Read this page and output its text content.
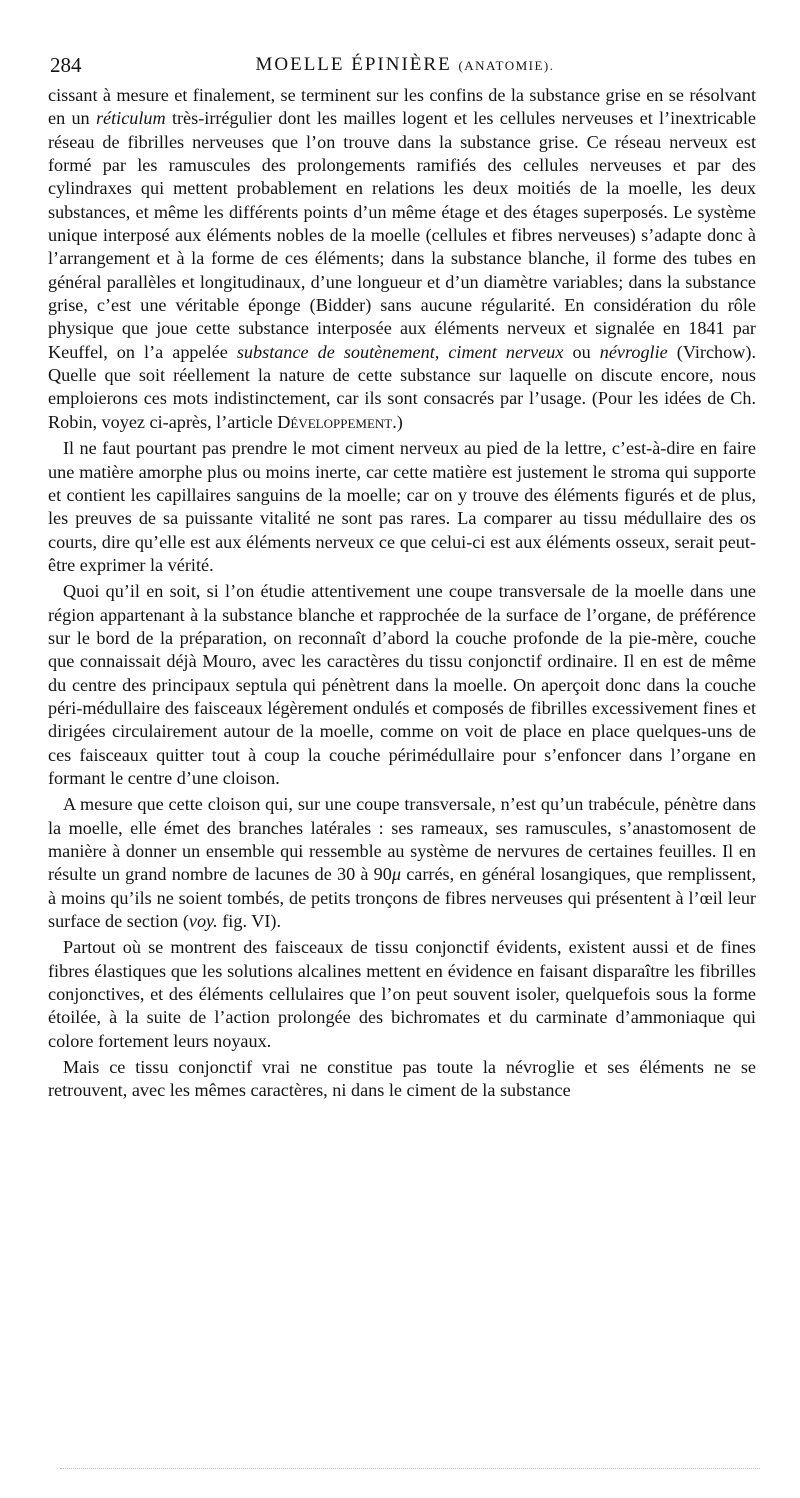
284	MOELLE ÉPINIÈRE (ANATOMIE).

cissant à mesure et finalement, se terminent sur les confins de la substance grise en se résolvant en un réticulum très-irrégulier dont les mailles logent et les cellules nerveuses et l’inextricable réseau de fibrilles nerveuses que l’on trouve dans la substance grise. Ce réseau nerveux est formé par les ramuscules des prolongements ramifiés des cellules nerveuses et par des cylindraxes qui mettent probablement en relations les deux moitiés de la moelle, les deux substances, et même les différents points d’un même étage et des étages superposés. Le système unique interposé aux éléments nobles de la moelle (cellules et fibres nerveuses) s’adapte donc à l’arrangement et à la forme de ces éléments; dans la substance blanche, il forme des tubes en général parallèles et longitudinaux, d’une longueur et d’un diamètre variables; dans la substance grise, c’est une véritable éponge (Bidder) sans aucune régularité. En considération du rôle physique que joue cette substance interposée aux éléments nerveux et signalée en 1841 par Keuffel, on l’a appelée substance de soutènement, ciment nerveux ou névroglie (Virchow). Quelle que soit réellement la nature de cette substance sur laquelle on discute encore, nous emploierons ces mots indistinctement, car ils sont consacrés par l’usage. (Pour les idées de Ch. Robin, voyez ci-après, l’article Développement.)

Il ne faut pourtant pas prendre le mot ciment nerveux au pied de la lettre, c’est-à-dire en faire une matière amorphe plus ou moins inerte, car cette matière est justement le stroma qui supporte et contient les capillaires sanguins de la moelle; car on y trouve des éléments figurés et de plus, les preuves de sa puissante vitalité ne sont pas rares. La comparer au tissu médullaire des os courts, dire qu’elle est aux éléments nerveux ce que celui-ci est aux éléments osseux, serait peut-être exprimer la vérité.

Quoi qu’il en soit, si l’on étudie attentivement une coupe transversale de la moelle dans une région appartenant à la substance blanche et rapprochée de la surface de l’organe, de préférence sur le bord de la préparation, on reconnaît d’abord la couche profonde de la pie-mère, couche que connaissait déjà Mouro, avec les caractères du tissu conjonctif ordinaire. Il en est de même du centre des principaux septula qui pénètrent dans la moelle. On aperçoit donc dans la couche péri-médullaire des faisceaux légèrement ondulés et composés de fibrilles excessivement fines et dirigées circulairement autour de la moelle, comme on voit de place en place quelques-uns de ces faisceaux quitter tout à coup la couche périmédullaire pour s’enfoncer dans l’organe en formant le centre d’une cloison.

A mesure que cette cloison qui, sur une coupe transversale, n’est qu’un trabécule, pénètre dans la moelle, elle émet des branches latérales : ses rameaux, ses ramuscules, s’anastomosent de manière à donner un ensemble qui ressemble au système de nervures de certaines feuilles. Il en résulte un grand nombre de lacunes de 30 à 90μ carrés, en général losangiques, que remplissent, à moins qu’ils ne soient tombés, de petits tronçons de fibres nerveuses qui présentent à l’œil leur surface de section (voy. fig. VI).

Partout où se montrent des faisceaux de tissu conjonctif évidents, existent aussi et de fines fibres élastiques que les solutions alcalines mettent en évidence en faisant disparaître les fibrilles conjonctives, et des éléments cellulaires que l’on peut souvent isoler, quelquefois sous la forme étoilée, à la suite de l’action prolongée des bichromates et du carminate d’ammoniaque qui colore fortement leurs noyaux.

Mais ce tissu conjonctif vrai ne constitue pas toute la névroglie et ses éléments ne se retrouvent, avec les mêmes caractères, ni dans le ciment de la substance
